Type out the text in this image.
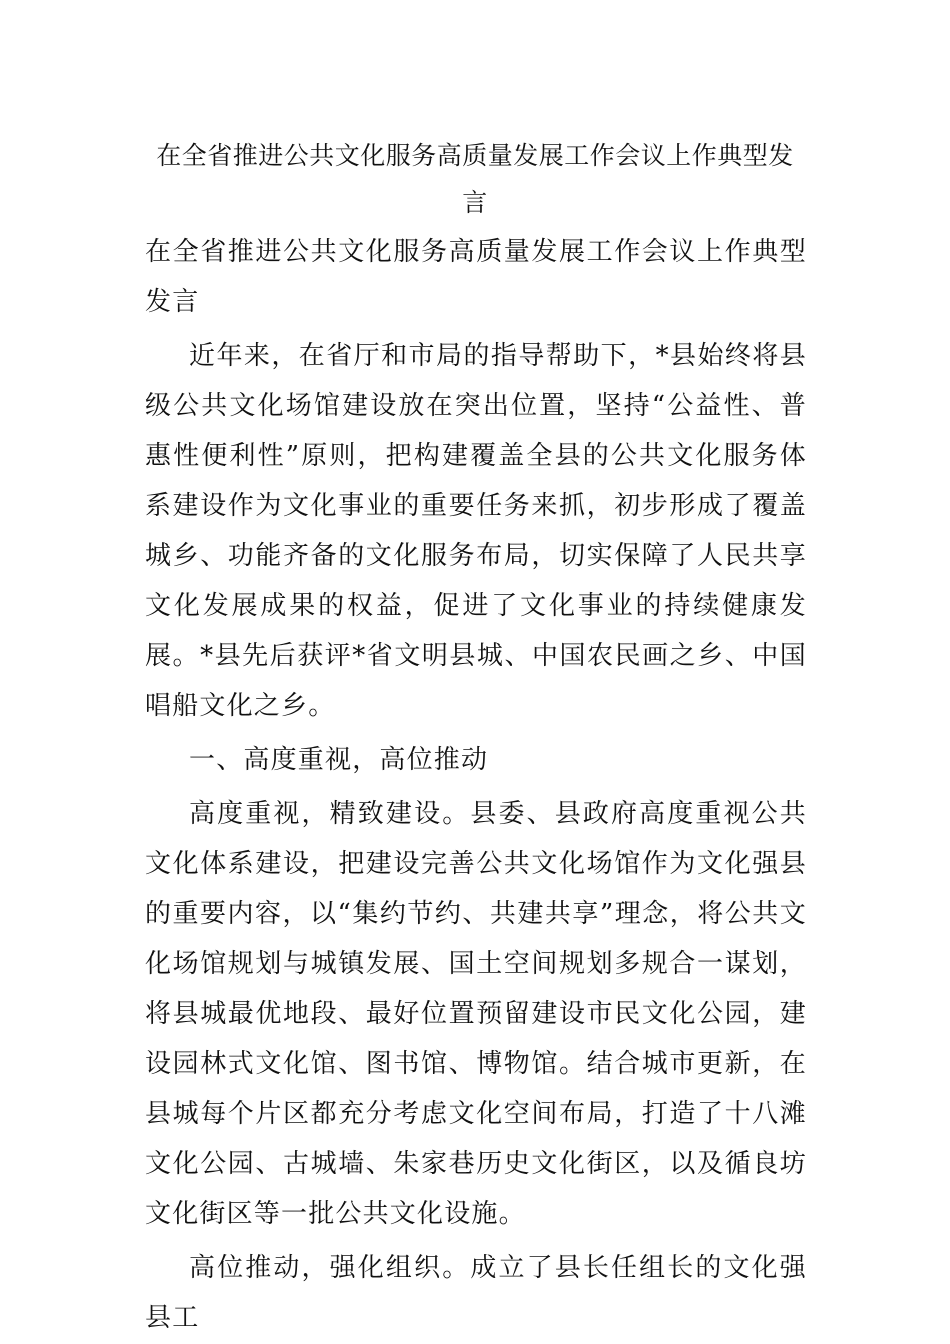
在全省推进公共文化服务高质量发展工作会议上作典型发言

在全省推进公共文化服务高质量发展工作会议上作典型发言

近年来，在省厅和市局的指导帮助下，*县始终将县级公共文化场馆建设放在突出位置，坚持“公益性、普惠性便利性”原则，把构建覆盖全县的公共文化服务体系建设作为文化事业的重要任务来抓，初步形成了覆盖城乡、功能齐备的文化服务布局，切实保障了人民共享文化发展成果的权益，促进了文化事业的持续健康发展。*县先后获评*省文明县城、中国农民画之乡、中国唱船文化之乡。

一、高度重视，高位推动

高度重视，精致建设。县委、县政府高度重视公共文化体系建设，把建设完善公共文化场馆作为文化强县的重要内容，以“集约节约、共建共享”理念，将公共文化场馆规划与城镇发展、国土空间规划多规合一谋划，将县城最优地段、最好位置预留建设市民文化公园，建设园林式文化馆、图书馆、博物馆。结合城市更新，在县城每个片区都充分考虑文化空间布局，打造了十八滩文化公园、古城墙、朱家巷历史文化街区，以及循良坊文化街区等一批公共文化设施。

高位推动，强化组织。成立了县长任组长的文化强县工
